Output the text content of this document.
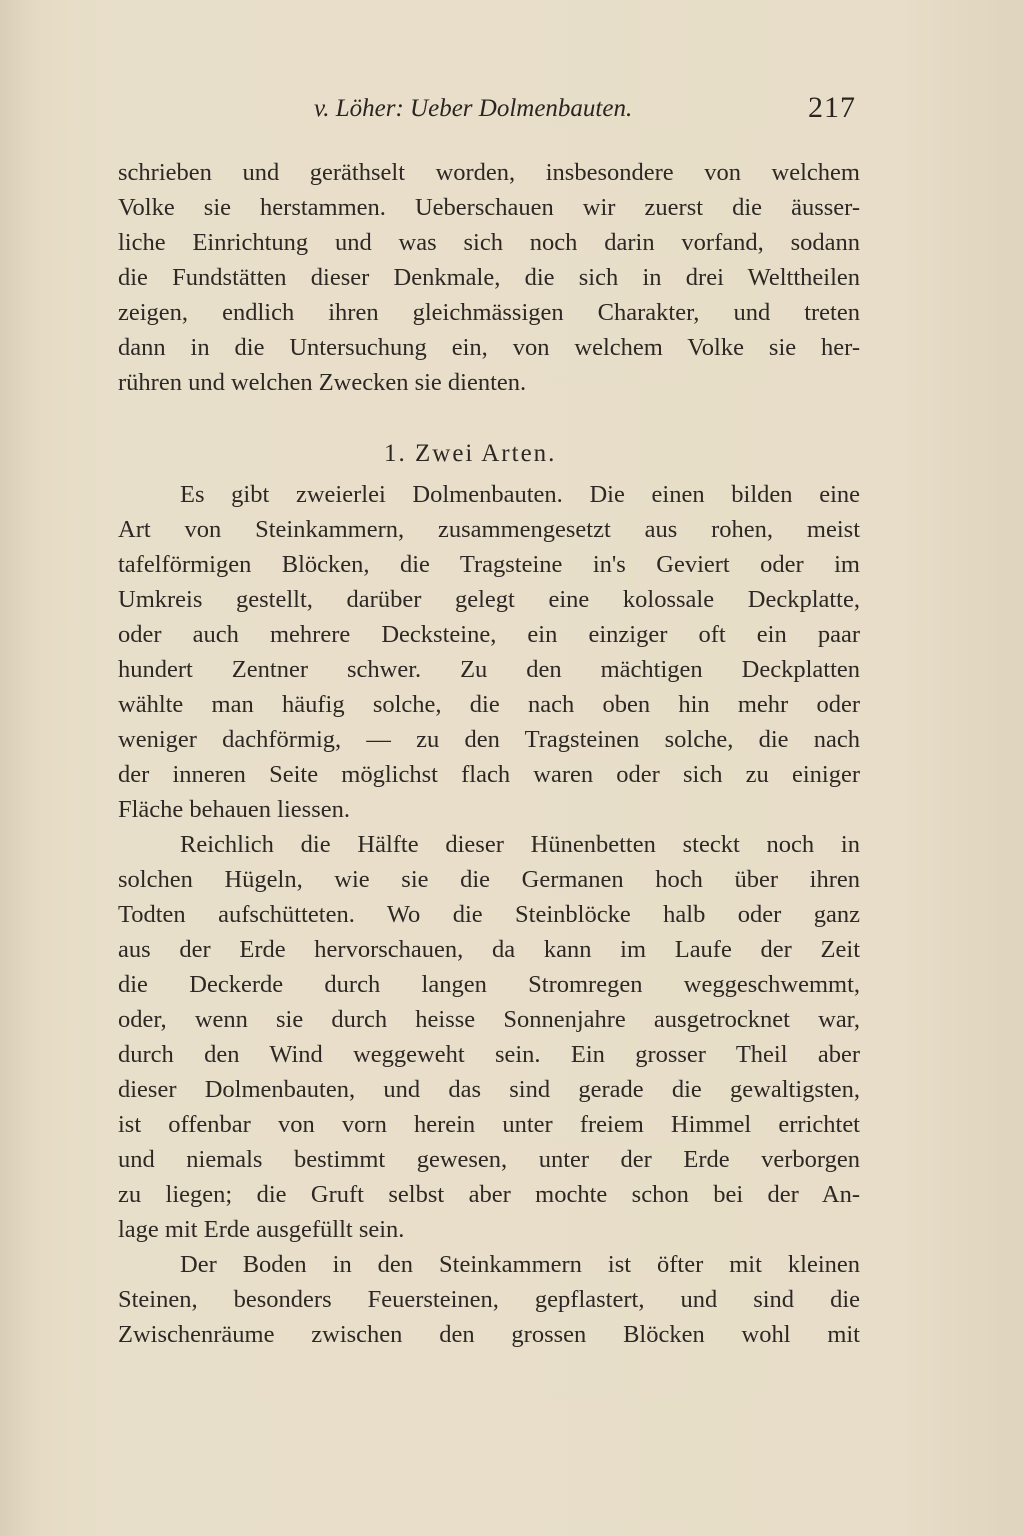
v. Löher: Ueber Dolmenbauten.	217
schrieben und geräthselt worden, insbesondere von welchem
Volke sie herstammen. Ueberschauen wir zuerst die äusser-
liche Einrichtung und was sich noch darin vorfand, sodann
die Fundstätten dieser Denkmale, die sich in drei Welttheilen
zeigen, endlich ihren gleichmässigen Charakter, und treten
dann in die Untersuchung ein, von welchem Volke sie her-
rühren und welchen Zwecken sie dienten.
1. Zwei Arten.
Es gibt zweierlei Dolmenbauten. Die einen bilden eine
Art von Steinkammern, zusammengesetzt aus rohen, meist
tafelförmigen Blöcken, die Tragsteine in's Geviert oder im
Umkreis gestellt, darüber gelegt eine kolossale Deckplatte,
oder auch mehrere Decksteine, ein einziger oft ein paar
hundert Zentner schwer. Zu den mächtigen Deckplatten
wählte man häufig solche, die nach oben hin mehr oder
weniger dachförmig, — zu den Tragsteinen solche, die nach
der inneren Seite möglichst flach waren oder sich zu einiger
Fläche behauen liessen.
Reichlich die Hälfte dieser Hünenbetten steckt noch in
solchen Hügeln, wie sie die Germanen hoch über ihren
Todten aufschütteten. Wo die Steinblöcke halb oder ganz
aus der Erde hervorschauen, da kann im Laufe der Zeit
die Deckerde durch langen Stromregen weggeschwemmt,
oder, wenn sie durch heisse Sonnenjahre ausgetrocknet war,
durch den Wind weggeweht sein. Ein grosser Theil aber
dieser Dolmenbauten, und das sind gerade die gewaltigsten,
ist offenbar von vorn herein unter freiem Himmel errichtet
und niemals bestimmt gewesen, unter der Erde verborgen
zu liegen; die Gruft selbst aber mochte schon bei der An-
lage mit Erde ausgefüllt sein.
Der Boden in den Steinkammern ist öfter mit kleinen
Steinen, besonders Feuersteinen, gepflastert, und sind die
Zwischenräume zwischen den grossen Blöcken wohl mit
